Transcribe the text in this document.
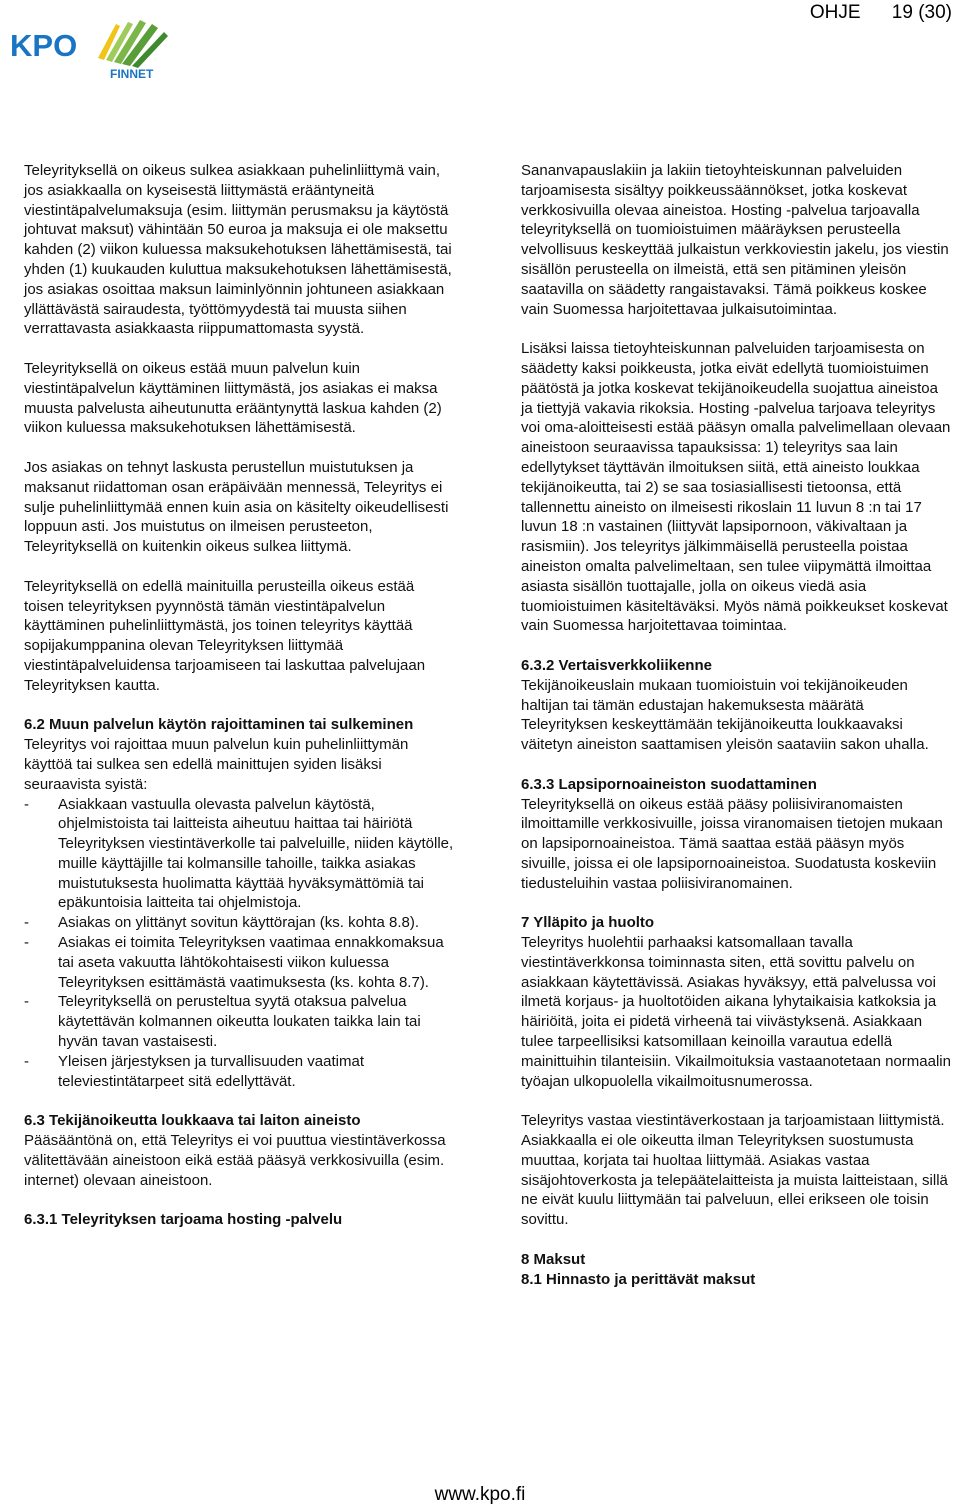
OHJE 19 (30)
KPO
FINNET

Teleyrityksellä on oikeus sulkea asiakkaan puhelinliittymä vain, jos asiakkaalla on kyseisestä liittymästä erääntyneitä viestintäpalvelumaksuja (esim. liittymän perusmaksu ja käytöstä johtuvat maksut) vähintään 50 euroa ja maksuja ei ole maksettu kahden (2) viikon kuluessa maksukehotuksen lähettämisestä, tai yhden (1) kuukauden kuluttua maksukehotuksen lähettämisestä, jos asiakas osoittaa maksun laiminlyönnin johtuneen asiakkaan yllättävästä sairaudesta, työttömyydestä tai muusta siihen verrattavasta asiakkaasta riippumattomasta syystä.

Teleyrityksellä on oikeus estää muun palvelun kuin viestintäpalvelun käyttäminen liittymästä, jos asiakas ei maksa muusta palvelusta aiheutunutta erääntynyttä laskua kahden (2) viikon kuluessa maksukehotuksen lähettämisestä.

Jos asiakas on tehnyt laskusta perustellun muistutuksen ja maksanut riidattoman osan eräpäivään mennessä, Teleyritys ei sulje puhelinliittymää ennen kuin asia on käsitelty oikeudellisesti loppuun asti. Jos muistutus on ilmeisen perusteeton, Teleyrityksellä on kuitenkin oikeus sulkea liittymä.

Teleyrityksellä on edellä mainituilla perusteilla oikeus estää toisen teleyrityksen pyynnöstä tämän viestintäpalvelun käyttäminen puhelinliittymästä, jos toinen teleyritys käyttää sopijakumppanina olevan Teleyrityksen liittymää viestintäpalveluidensa tarjoamiseen tai laskuttaa palvelujaan Teleyrityksen kautta.

6.2 Muun palvelun käytön rajoittaminen tai sulkeminen

Teleyritys voi rajoittaa muun palvelun kuin puhelinliittymän käyttöä tai sulkea sen edellä mainittujen syiden lisäksi seuraavista syistä:

- Asiakkaan vastuulla olevasta palvelun käytöstä, ohjelmistoista tai laitteista aiheutuu haittaa tai häiriötä Teleyrityksen viestintäverkolle tai palveluille, niiden käytölle, muille käyttäjille tai kolmansille tahoille, taikka asiakas muistutuksesta huolimatta käyttää hyväksymättömiä tai epäkuntoisia laitteita tai ohjelmistoja.
- Asiakas on ylittänyt sovitun käyttörajan (ks. kohta 8.8).
- Asiakas ei toimita Teleyrityksen vaatimaa ennakkomaksua tai aseta vakuutta lähtökohtaisesti viikon kuluessa Teleyrityksen esittämästä vaatimuksesta (ks. kohta 8.7).
- Teleyrityksellä on perusteltua syytä otaksua palvelua käytettävän kolmannen oikeutta loukaten taikka lain tai hyvän tavan vastaisesti.
- Yleisen järjestyksen ja turvallisuuden vaatimat televiestintätarpeet sitä edellyttävät.
6.3 Tekijänoikeutta loukkaava tai laiton aineisto

Pääsääntönä on, että Teleyritys ei voi puuttua viestintäverkossa välitettävään aineistoon eikä estää pääsyä verkkosivuilla (esim. internet) olevaan aineistoon.

6.3.1 Teleyrityksen tarjoama hosting -palvelu

Sananvapauslakiin ja lakiin tietoyhteiskunnan palveluiden tarjoamisesta sisältyy poikkeussäännökset, jotka koskevat verkkosivuilla olevaa aineistoa. Hosting -palvelua tarjoavalla teleyrityksellä on tuomioistuimen määräyksen perusteella velvollisuus keskeyttää julkaistun verkkoviestin jakelu, jos viestin sisällön perusteella on ilmeistä, että sen pitäminen yleisön saatavilla on säädetty rangaistavaksi. Tämä poikkeus koskee vain Suomessa harjoitettavaa julkaisutoimintaa.

Lisäksi laissa tietoyhteiskunnan palveluiden tarjoamisesta on säädetty kaksi poikkeusta, jotka eivät edellytä tuomioistuimen päätöstä ja jotka koskevat tekijänoikeudella suojattua aineistoa ja tiettyjä vakavia rikoksia. Hosting -palvelua tarjoava teleyritys voi oma-aloitteisesti estää pääsyn omalla palvelimellaan olevaan aineistoon seuraavissa tapauksissa: 1) teleyritys saa lain edellytykset täyttävän ilmoituksen siitä, että aineisto loukkaa tekijänoikeutta, tai 2) se saa tosiasiallisesti tietoonsa, että tallennettu aineisto on ilmeisesti rikoslain 11 luvun 8 :n tai 17 luvun 18 :n vastainen (liittyvät lapsipornoon, väkivaltaan ja rasismiin). Jos teleyritys jälkimmäisellä perusteella poistaa aineiston omalta palvelimeltaan, sen tulee viipymättä ilmoittaa asiasta sisällön tuottajalle, jolla on oikeus viedä asia tuomioistuimen käsiteltäväksi. Myös nämä poikkeukset koskevat vain Suomessa harjoitettavaa toimintaa.

6.3.2 Vertaisverkkoliikenne

Tekijänoikeuslain mukaan tuomioistuin voi tekijänoikeuden haltijan tai tämän edustajan hakemuksesta määrätä Teleyrityksen keskeyttämään tekijänoikeutta loukkaavaksi väitetyn aineiston saattamisen yleisön saataviin sakon uhalla.

6.3.3 Lapsipornoaineiston suodattaminen

Teleyrityksellä on oikeus estää pääsy poliisiviranomaisten ilmoittamille verkkosivuille, joissa viranomaisen tietojen mukaan on lapsipornoaineistoa. Tämä saattaa estää pääsyn myös sivuille, joissa ei ole lapsipornoaineistoa. Suodatusta koskeviin tiedusteluihin vastaa poliisiviranomainen.

7 Ylläpito ja huolto

Teleyritys huolehtii parhaaksi katsomallaan tavalla viestintäverkkonsa toiminnasta siten, että sovittu palvelu on asiakkaan käytettävissä. Asiakas hyväksyy, että palvelussa voi ilmetä korjaus- ja huoltotöiden aikana lyhytaikaisia katkoksia ja häiriöitä, joita ei pidetä virheenä tai viivästyksenä. Asiakkaan tulee tarpeellisiksi katsomillaan keinoilla varautua edellä mainittuihin tilanteisiin. Vikailmoituksia vastaanotetaan normaalin työajan ulkopuolella vikailmoitusnumerossa.

Teleyritys vastaa viestintäverkostaan ja tarjoamistaan liittymistä. Asiakkaalla ei ole oikeutta ilman Teleyrityksen suostumusta muuttaa, korjata tai huoltaa liittymää. Asiakas vastaa sisäjohtoverkosta ja telepäätelaitteista ja muista laitteistaan, sillä ne eivät kuulu liittymään tai palveluun, ellei erikseen ole toisin sovittu.

8 Maksut
8.1 Hinnasto ja perittävät maksut
www.kpo.fi
